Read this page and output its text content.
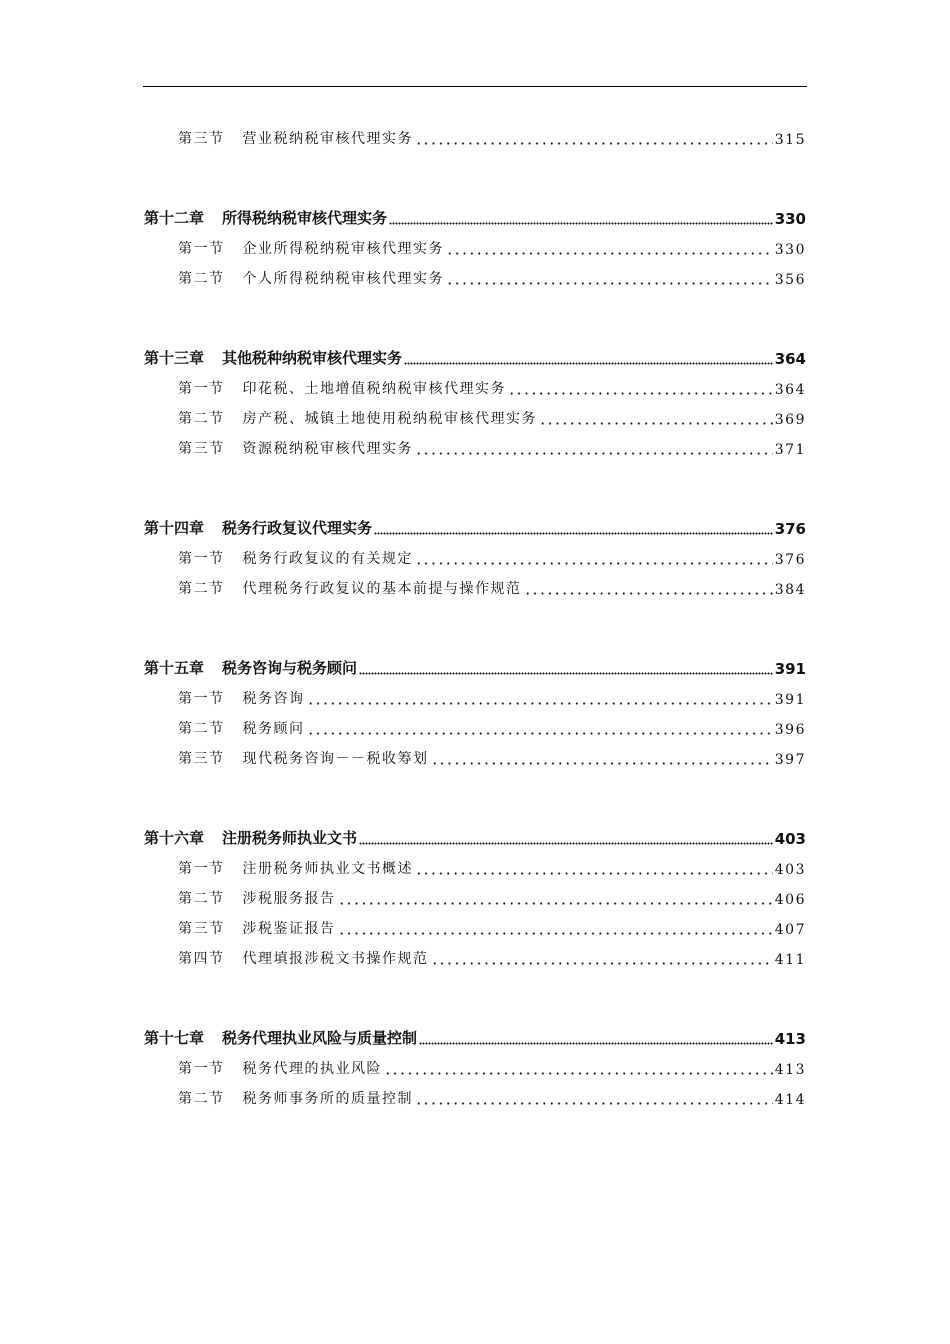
第三节 营业税纳税审核代理实务	315
第十二章 所得税纳税审核代理实务	330
第一节 企业所得税纳税审核代理实务	330
第二节 个人所得税纳税审核代理实务	356
第十三章 其他税种纳税审核代理实务	364
第一节 印花税、土地增值税纳税审核代理实务	364
第二节 房产税、城镇土地使用税纳税审核代理实务	369
第三节 资源税纳税审核代理实务	371
第十四章 税务行政复议代理实务	376
第一节 税务行政复议的有关规定	376
第二节 代理税务行政复议的基本前提与操作规范	384
第十五章 税务咨询与税务顾问	391
第一节 税务咨询	391
第二节 税务顾问	396
第三节 现代税务咨询－－税收筹划	397
第十六章 注册税务师执业文书	403
第一节 注册税务师执业文书概述	403
第二节 涉税服务报告	406
第三节 涉税鉴证报告	407
第四节 代理填报涉税文书操作规范	411
第十七章 税务代理执业风险与质量控制	413
第一节 税务代理的执业风险	413
第二节 税务师事务所的质量控制	414
